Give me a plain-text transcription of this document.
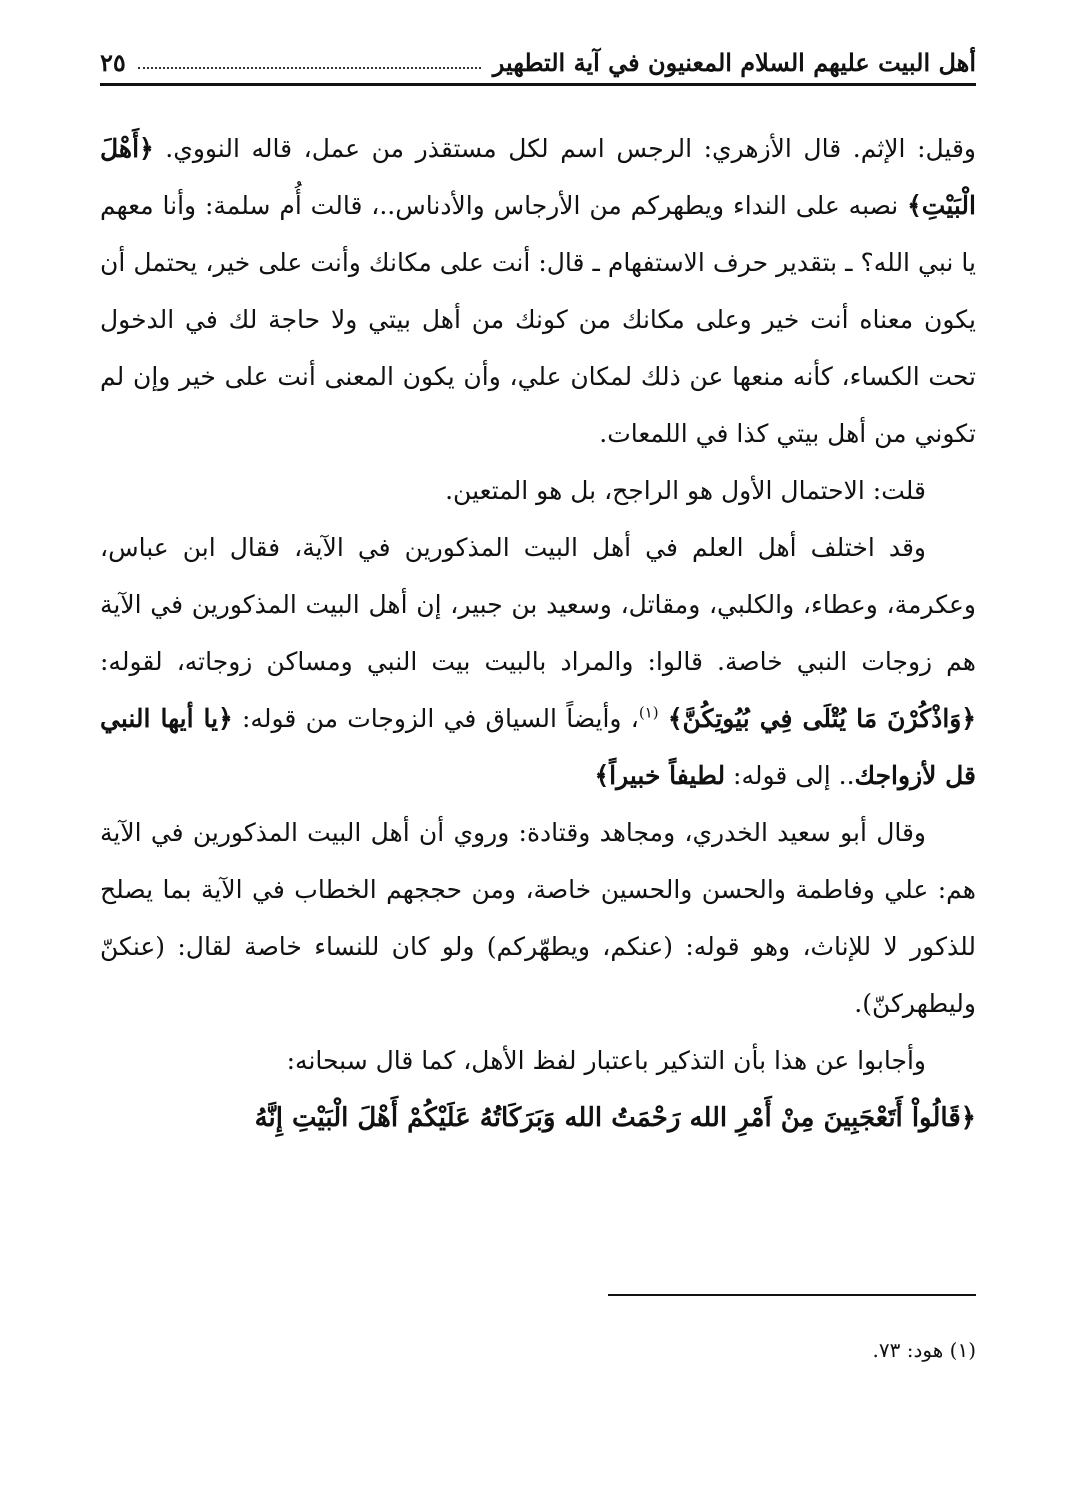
أهل البيت عليهم السلام المعنيون في آية التطهير
٢٥

وقيل: الإثم. قال الأزهري: الرجس اسم لكل مستقذر من عمل، قاله النووي. ﴿أَهْلَ الْبَيْتِ﴾ نصبه على النداء ويطهركم من الأرجاس والأدناس..، قالت أُم سلمة: وأنا معهم يا نبي الله؟ ـ بتقدير حرف الاستفهام ـ قال: أنت على مكانك وأنت على خير، يحتمل أن يكون معناه أنت خير وعلى مكانك من كونك من أهل بيتي ولا حاجة لك في الدخول تحت الكساء، كأنه منعها عن ذلك لمكان علي، وأن يكون المعنى أنت على خير وإن لم تكوني من أهل بيتي كذا في اللمعات.

قلت: الاحتمال الأول هو الراجح، بل هو المتعين.

وقد اختلف أهل العلم في أهل البيت المذكورين في الآية، فقال ابن عباس، وعكرمة، وعطاء، والكلبي، ومقاتل، وسعيد بن جبير، إن أهل البيت المذكورين في الآية هم زوجات النبي خاصة. قالوا: والمراد بالبيت بيت النبي ومساكن زوجاته، لقوله:﴿وَاذْكُرْنَ مَا يُتْلَى فِي بُيُوتِكُنَّ﴾ $^{(١)}$، وأيضاً السياق في الزوجات من قوله: ﴿يا أيها النبي قل لأزواجك.. إلى قوله: لطيفاً خبيراً﴾

وقال أبو سعيد الخدري، ومجاهد وقتادة: وروي أن أهل البيت المذكورين في الآية هم: علي وفاطمة والحسن والحسين خاصة، ومن حججهم الخطاب في الآية بما يصلح للذكور لا للإناث، وهو قوله: (عنكم، ويطهّركم) ولو كان للنساء خاصة لقال: (عنكنّ وليطهركنّ).

وأجابوا عن هذا بأن التذكير باعتبار لفظ الأهل، كما قال سبحانه:

﴿قَالُواْ أَتَعْجَبِينَ مِنْ أَمْرِ الله رَحْمَتُ الله وَبَرَكَاتُهُ عَلَيْكُمْ أَهْلَ الْبَيْتِ إِنَّهُ

(١) هود: ٧٣.
